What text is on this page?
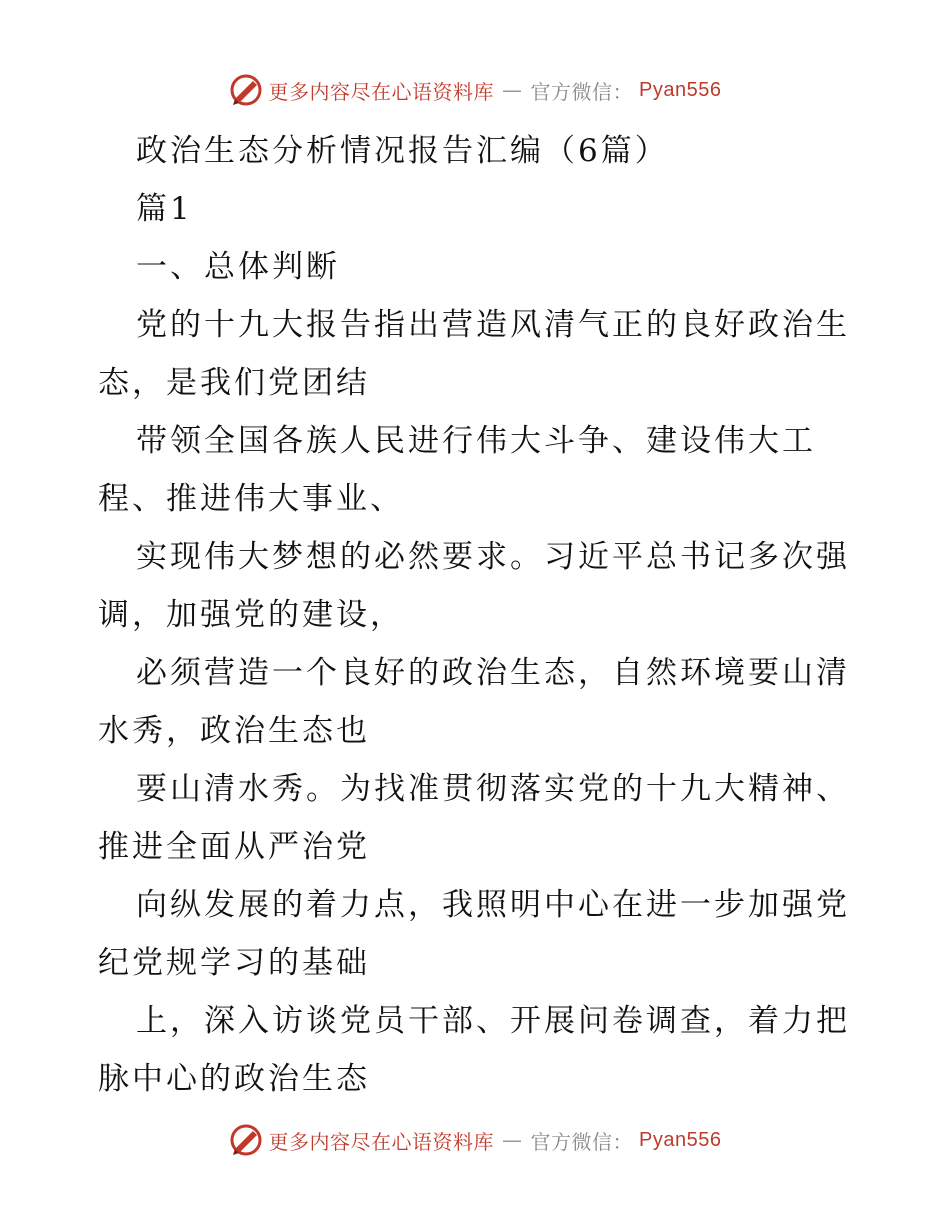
更多内容尽在心语资料库 — 官方微信： Pyan556

政治生态分析情况报告汇编（6篇）

篇1

一、总体判断

党的十九大报告指出营造风清气正的良好政治生
态，是我们党团结

带领全国各族人民进行伟大斗争、建设伟大工
程、推进伟大事业、

实现伟大梦想的必然要求。习近平总书记多次强
调，加强党的建设，

必须营造一个良好的政治生态，自然环境要山清
水秀，政治生态也

要山清水秀。为找准贯彻落实党的十九大精神、
推进全面从严治党

向纵发展的着力点，我照明中心在进一步加强党
纪党规学习的基础

上，深入访谈党员干部、开展问卷调查，着力把
脉中心的政治生态

更多内容尽在心语资料库 — 官方微信： Pyan556
